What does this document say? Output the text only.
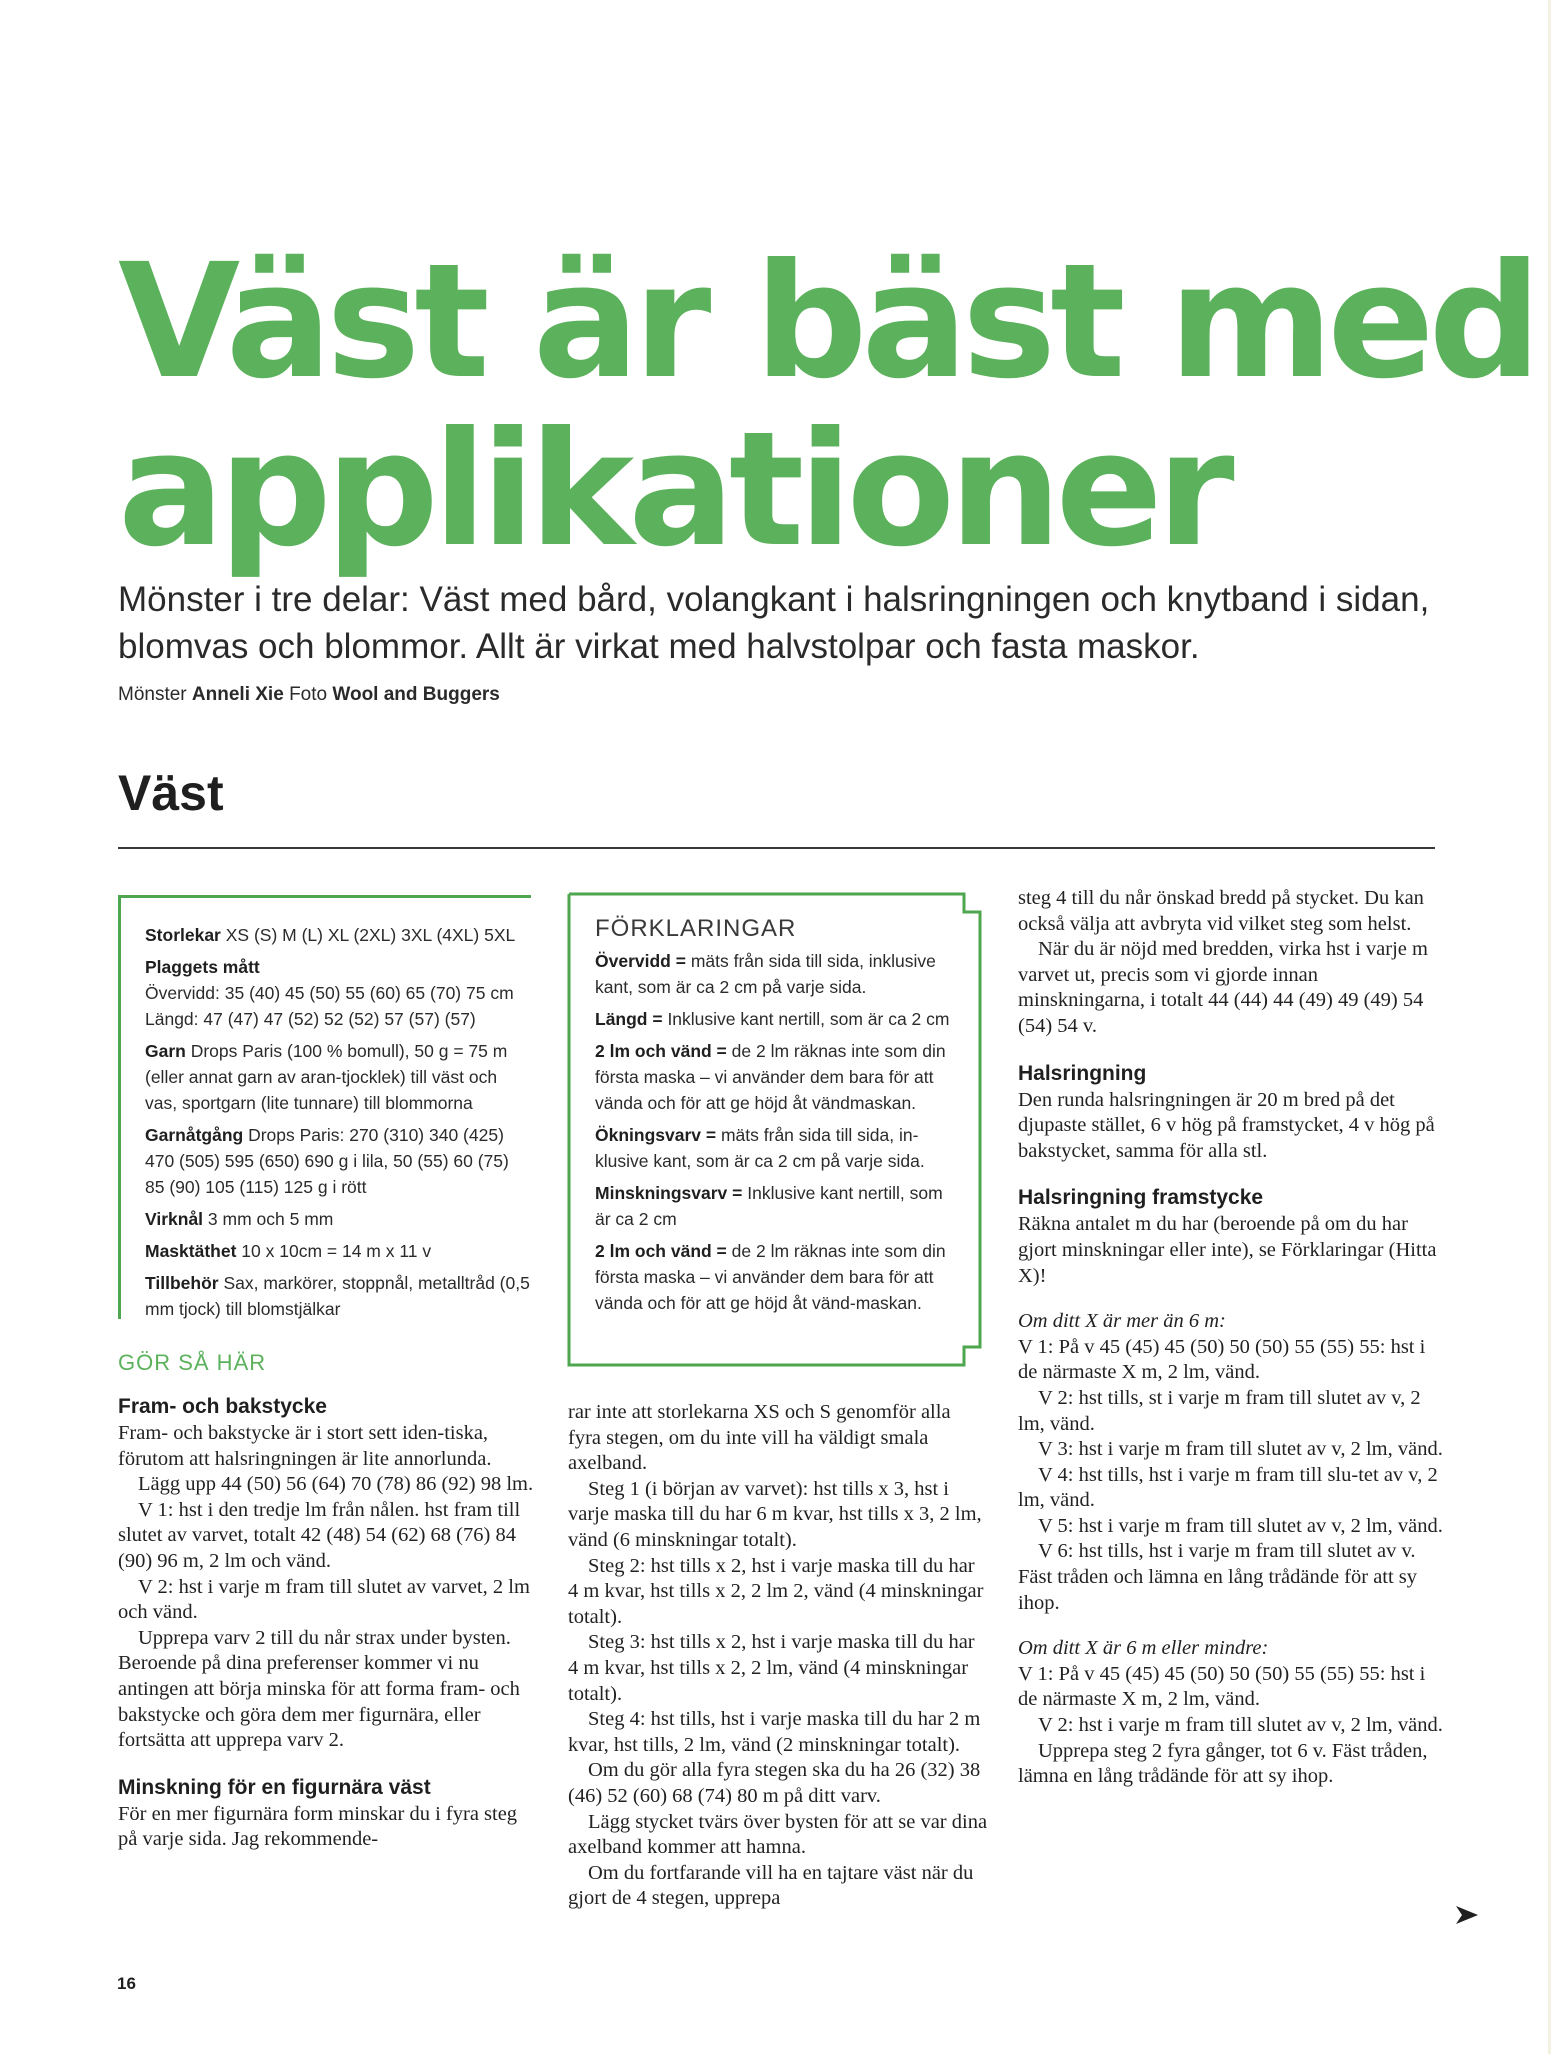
Väst är bäst med
applikationer

Mönster i tre delar: Väst med bård, volangkant i halsringningen och knytband i sidan, blomvas och blommor. Allt är virkat med halvstolpar och fasta maskor.

Mönster Anneli Xie Foto Wool and Buggers
Väst

Storlekar XS (S) M (L) XL (2XL) 3XL (4XL) 5XL

Plaggets mått
Övervidd: 35 (40) 45 (50) 55 (60) 65 (70) 75 cm
Längd: 47 (47) 47 (52) 52 (52) 57 (57) (57)

Garn Drops Paris (100 % bomull), 50 g = 75 m (eller annat garn av aran-tjocklek) till väst och vas, sportgarn (lite tunnare) till blommorna

Garnåtgång Drops Paris: 270 (310) 340 (425) 470 (505) 595 (650) 690 g i lila, 50 (55) 60 (75) 85 (90) 105 (115) 125 g i rött

Virknål 3 mm och 5 mm

Masktäthet 10 x 10cm = 14 m x 11 v

Tillbehör Sax, markörer, stoppnål, metalltråd (0,5 mm tjock) till blomstjälkar

FÖRKLARINGAR

Övervidd = mäts från sida till sida, inklusive kant, som är ca 2 cm på varje sida.

Längd = Inklusive kant nertill, som är ca 2 cm

2 lm och vänd = de 2 lm räknas inte som din första maska – vi använder dem bara för att vända och för att ge höjd åt vändmaskan.

Ökningsvarv = mäts från sida till sida, in-klusive kant, som är ca 2 cm på varje sida.

Minskningsvarv = Inklusive kant nertill, som är ca 2 cm

2 lm och vänd = de 2 lm räknas inte som din första maska – vi använder dem bara för att vända och för att ge höjd åt vänd-maskan.

GÖR SÅ HÄR
Fram- och bakstycke

Fram- och bakstycke är i stort sett iden-tiska, förutom att halsringningen är lite annorlunda.

Lägg upp 44 (50) 56 (64) 70 (78) 86 (92) 98 lm.

V 1: hst i den tredje lm från nålen. hst fram till slutet av varvet, totalt 42 (48) 54 (62) 68 (76) 84 (90) 96 m, 2 lm och vänd.

V 2: hst i varje m fram till slutet av varvet, 2 lm och vänd.

Upprepa varv 2 till du når strax under bysten. Beroende på dina preferenser kommer vi nu antingen att börja minska för att forma fram- och bakstycke och göra dem mer figurnära, eller fortsätta att upprepa varv 2.

Minskning för en figurnära väst

För en mer figurnära form minskar du i fyra steg på varje sida. Jag rekommende-

rar inte att storlekarna XS och S genomför alla fyra stegen, om du inte vill ha väldigt smala axelband.

Steg 1 (i början av varvet): hst tills x 3, hst i varje maska till du har 6 m kvar, hst tills x 3, 2 lm, vänd (6 minskningar totalt).

Steg 2: hst tills x 2, hst i varje maska till du har 4 m kvar, hst tills x 2, 2 lm 2, vänd (4 minskningar totalt).

Steg 3: hst tills x 2, hst i varje maska till du har 4 m kvar, hst tills x 2, 2 lm, vänd (4 minskningar totalt).

Steg 4: hst tills, hst i varje maska till du har 2 m kvar, hst tills, 2 lm, vänd (2 minskningar totalt).

Om du gör alla fyra stegen ska du ha 26 (32) 38 (46) 52 (60) 68 (74) 80 m på ditt varv.

Lägg stycket tvärs över bysten för att se var dina axelband kommer att hamna.

Om du fortfarande vill ha en tajtare väst när du gjort de 4 stegen, upprepa

steg 4 till du når önskad bredd på stycket. Du kan också välja att avbryta vid vilket steg som helst.

När du är nöjd med bredden, virka hst i varje m varvet ut, precis som vi gjorde innan minskningarna, i totalt 44 (44) 44 (49) 49 (49) 54 (54) 54 v.

Halsringning

Den runda halsringningen är 20 m bred på det djupaste stället, 6 v hög på framstycket, 4 v hög på bakstycket, samma för alla stl.

Halsringning framstycke

Räkna antalet m du har (beroende på om du har gjort minskningar eller inte), se Förklaringar (Hitta X)!

Om ditt X är mer än 6 m:

V 1: På v 45 (45) 45 (50) 50 (50) 55 (55) 55: hst i de närmaste X m, 2 lm, vänd.

V 2: hst tills, st i varje m fram till slutet av v, 2 lm, vänd.

V 3: hst i varje m fram till slutet av v, 2 lm, vänd.

V 4: hst tills, hst i varje m fram till slu-tet av v, 2 lm, vänd.

V 5: hst i varje m fram till slutet av v, 2 lm, vänd.

V 6: hst tills, hst i varje m fram till slutet av v. Fäst tråden och lämna en lång trådände för att sy ihop.

Om ditt X är 6 m eller mindre:

V 1: På v 45 (45) 45 (50) 50 (50) 55 (55) 55: hst i de närmaste X m, 2 lm, vänd.

V 2: hst i varje m fram till slutet av v, 2 lm, vänd.

Upprepa steg 2 fyra gånger, tot 6 v. Fäst tråden, lämna en lång trådände för att sy ihop.

16
